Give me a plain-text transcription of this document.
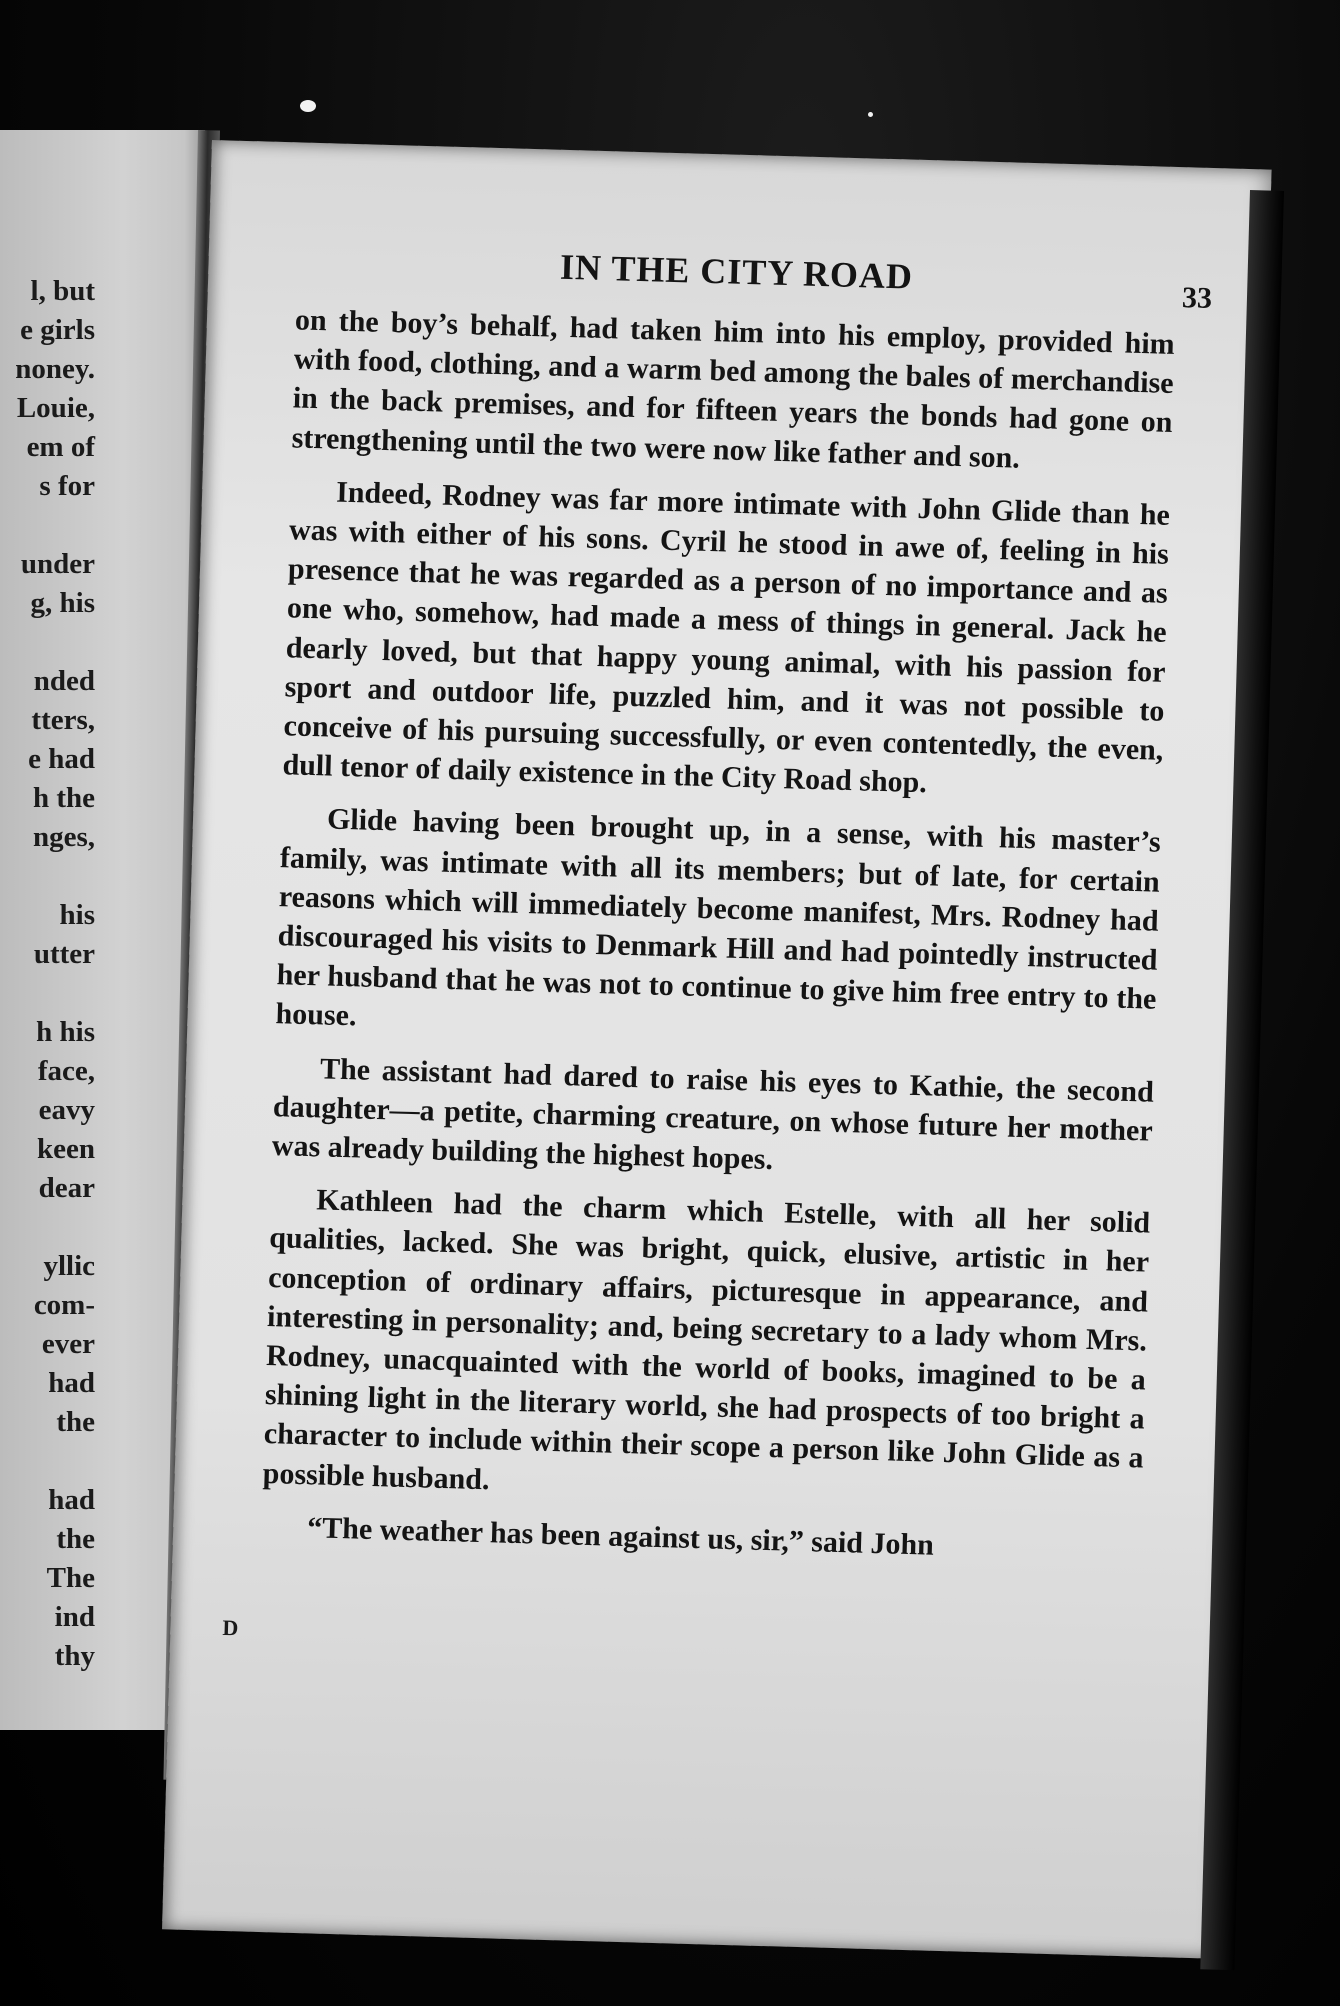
l, but
e girls
noney.
Louie,
em of
s for
under
g, his
nded
tters,
e had
h the
nges,
his
utter
h his
face,
eavy
keen
dear
yllic
com-
ever
had
the
had
the
The
ind
thy
IN THE CITY ROAD
33

on the boy’s behalf, had taken him into his employ, provided him with food, clothing, and a warm bed among the bales of merchandise in the back premises, and for fifteen years the bonds had gone on strengthening until the two were now like father and son.

Indeed, Rodney was far more intimate with John Glide than he was with either of his sons. Cyril he stood in awe of, feeling in his presence that he was regarded as a person of no importance and as one who, somehow, had made a mess of things in general. Jack he dearly loved, but that happy young animal, with his passion for sport and outdoor life, puzzled him, and it was not possible to conceive of his pursuing successfully, or even contentedly, the even, dull tenor of daily existence in the City Road shop.

Glide having been brought up, in a sense, with his master’s family, was intimate with all its members; but of late, for certain reasons which will immediately become manifest, Mrs. Rodney had discouraged his visits to Denmark Hill and had pointedly instructed her husband that he was not to continue to give him free entry to the house.

The assistant had dared to raise his eyes to Kathie, the second daughter—a petite, charming creature, on whose future her mother was already building the highest hopes.

Kathleen had the charm which Estelle, with all her solid qualities, lacked. She was bright, quick, elusive, artistic in her conception of ordinary affairs, picturesque in appearance, and interesting in personality; and, being secretary to a lady whom Mrs. Rodney, unacquainted with the world of books, imagined to be a shining light in the literary world, she had prospects of too bright a character to include within their scope a person like John Glide as a possible husband.

“The weather has been against us, sir,” said John

D
